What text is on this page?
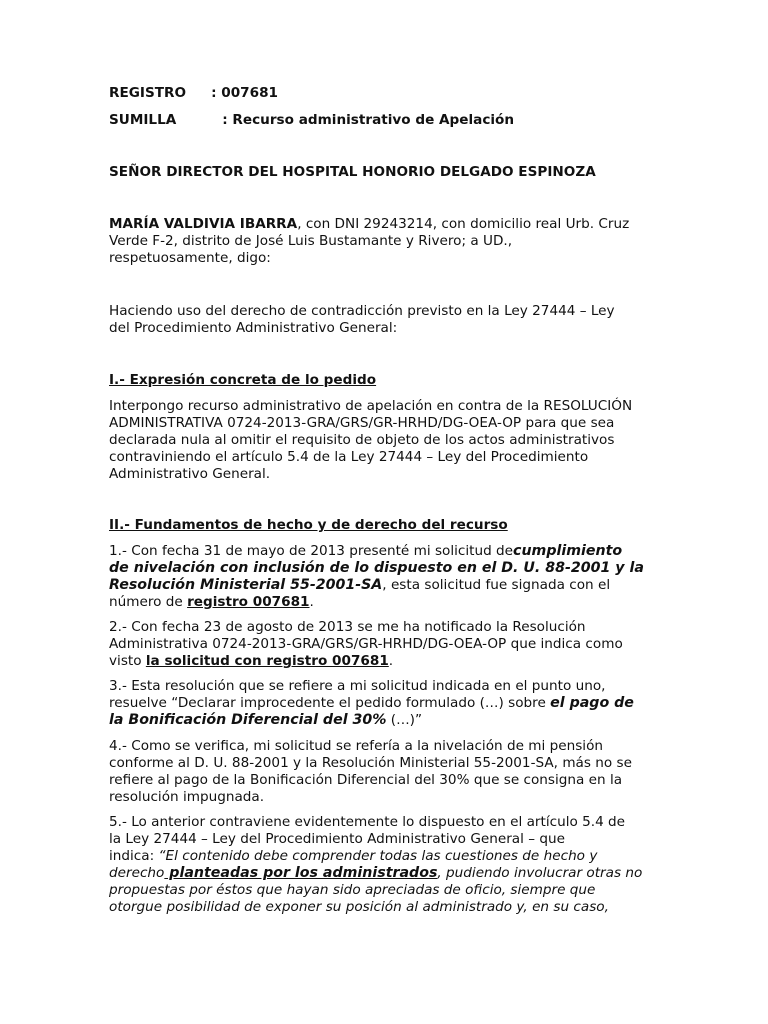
REGISTRO : 007681
SUMILLA	: Recurso administrativo de Apelación
SEÑOR DIRECTOR DEL HOSPITAL HONORIO DELGADO ESPINOZA
MARÍA VALDIVIA IBARRA, con DNI 29243214, con domicilio real Urb. Cruz
Verde F-2, distrito de José Luis Bustamante y Rivero; a UD.,
respetuosamente, digo:
Haciendo uso del derecho de contradicción previsto en la Ley 27444 – Ley
del Procedimiento Administrativo General:
I.- Expresión concreta de lo pedido
Interpongo recurso administrativo de apelación en contra de la RESOLUCIÓN
ADMINISTRATIVA 0724-2013-GRA/GRS/GR-HRHD/DG-OEA-OP para que sea
declarada nula al omitir el requisito de objeto de los actos administrativos
contraviniendo el artículo 5.4 de la Ley 27444 – Ley del Procedimiento
Administrativo General.
II.- Fundamentos de hecho y de derecho del recurso
1.- Con fecha 31 de mayo de 2013 presenté mi solicitud decumplimiento
de nivelación con inclusión de lo dispuesto en el D. U. 88-2001 y la
Resolución Ministerial 55-2001-SA, esta solicitud fue signada con el
número de registro 007681.
2.- Con fecha 23 de agosto de 2013 se me ha notificado la Resolución
Administrativa 0724-2013-GRA/GRS/GR-HRHD/DG-OEA-OP que indica como
visto la solicitud con registro 007681.
3.- Esta resolución que se refiere a mi solicitud indicada en el punto uno,
resuelve “Declarar improcedente el pedido formulado (…) sobre el pago de
la Bonificación Diferencial del 30% (…)”
4.- Como se verifica, mi solicitud se refería a la nivelación de mi pensión
conforme al D. U. 88-2001 y la Resolución Ministerial 55-2001-SA, más no se
refiere al pago de la Bonificación Diferencial del 30% que se consigna en la
resolución impugnada.
5.- Lo anterior contraviene evidentemente lo dispuesto en el artículo 5.4 de
la Ley 27444 – Ley del Procedimiento Administrativo General – que
indica: “El contenido debe comprender todas las cuestiones de hecho y
derecho planteadas por los administrados, pudiendo involucrar otras no
propuestas por éstos que hayan sido apreciadas de oficio, siempre que
otorgue posibilidad de exponer su posición al administrado y, en su caso,
